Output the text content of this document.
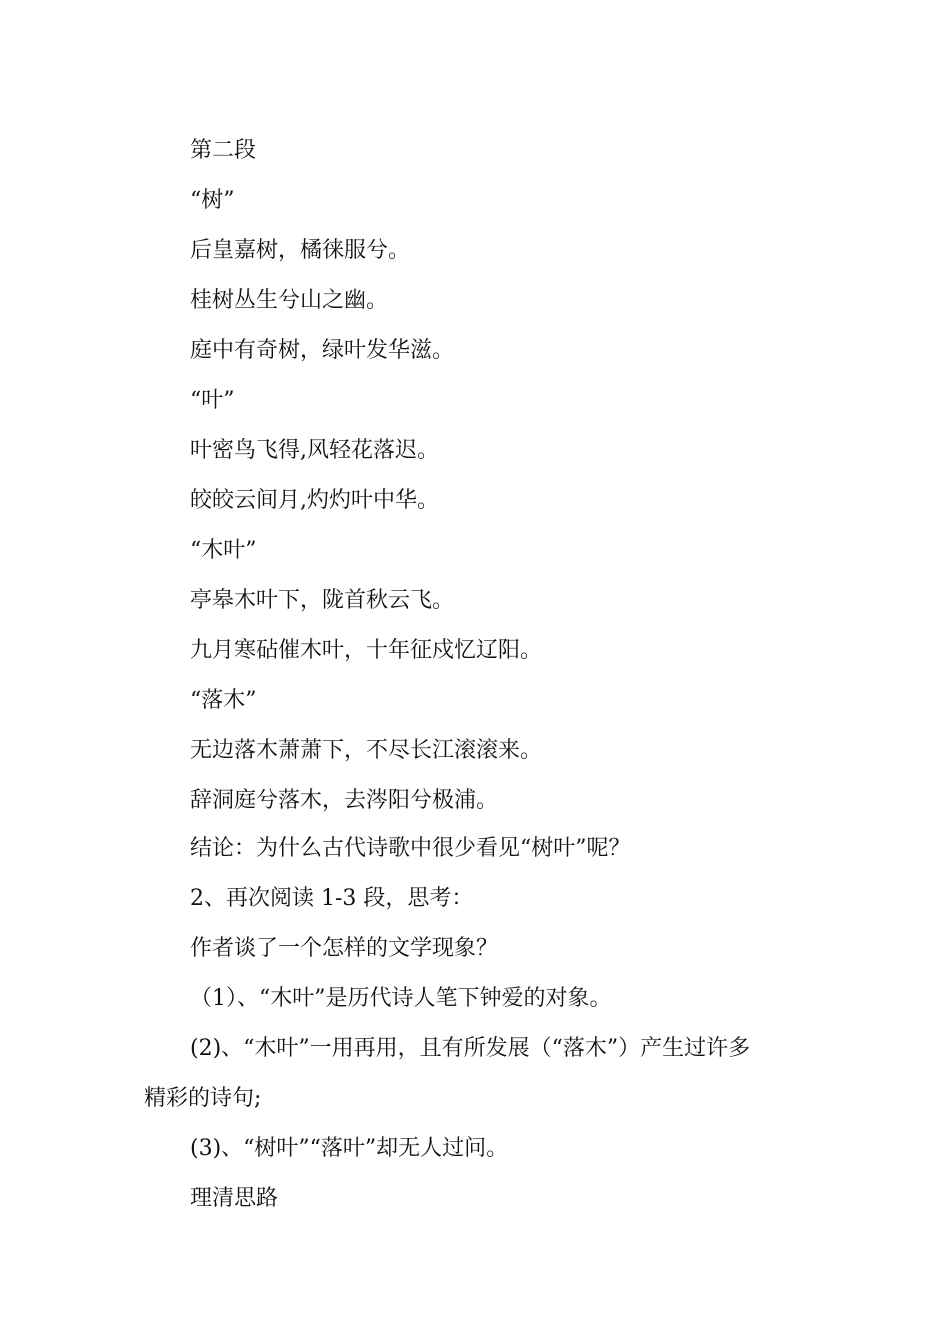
第二段
“树”
后皇嘉树，橘徕服兮。
桂树丛生兮山之幽。
庭中有奇树，绿叶发华滋。
“叶”
叶密鸟飞得,风轻花落迟。
皎皎云间月,灼灼叶中华。
“木叶”
亭皋木叶下，陇首秋云飞。
九月寒砧催木叶，十年征戍忆辽阳。
“落木”
无边落木萧萧下，不尽长江滚滚来。
辞洞庭兮落木，去涔阳兮极浦。
结论：为什么古代诗歌中很少看见“树叶”呢？
2、再次阅读 1-3 段，思考：
作者谈了一个怎样的文学现象？
（1）、“木叶”是历代诗人笔下钟爱的对象。
(2)、“木叶”一用再用，且有所发展（“落木”）产生过许多
精彩的诗句;
(3)、“树叶”“落叶”却无人过问。
理清思路
